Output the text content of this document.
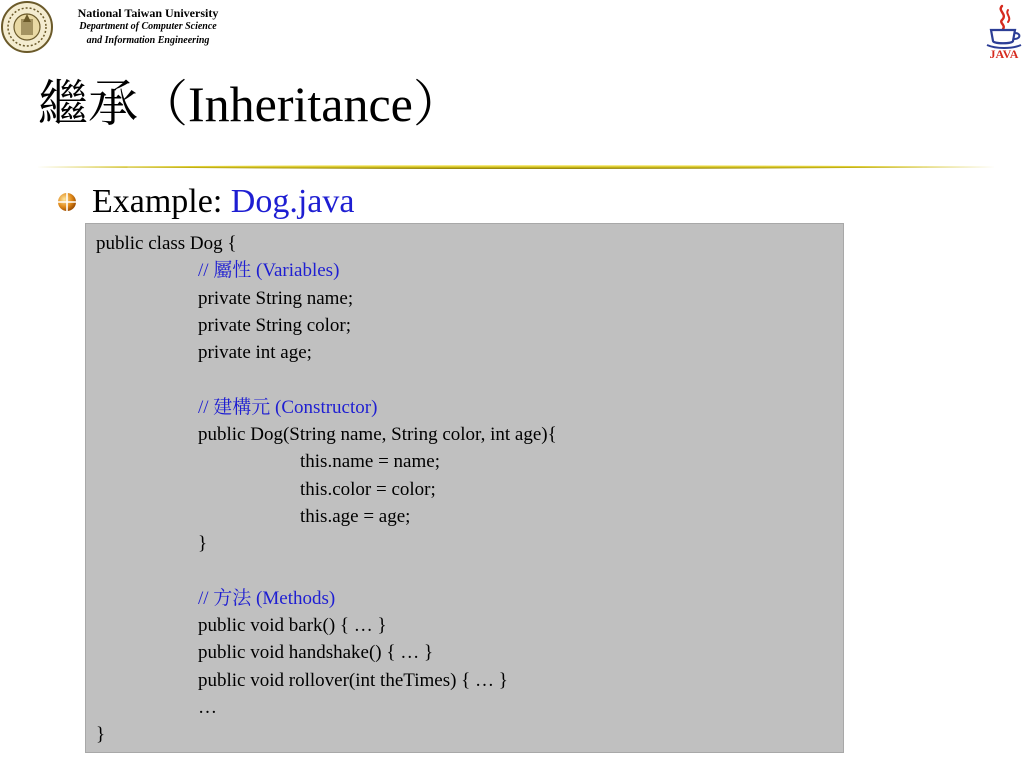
National Taiwan University
Department of Computer Science
and Information Engineering
JAVA
繼承（Inheritance）
Example: Dog.java
public class Dog {
// 屬性 (Variables)
private String name;
private String color;
private int age;
// 建構元 (Constructor)
public Dog(String name, String color, int age){
this.name = name;
this.color = color;
this.age = age;
}
// 方法 (Methods)
public void bark() { … }
public void handshake() { … }
public void rollover(int theTimes) { … }
…
}
